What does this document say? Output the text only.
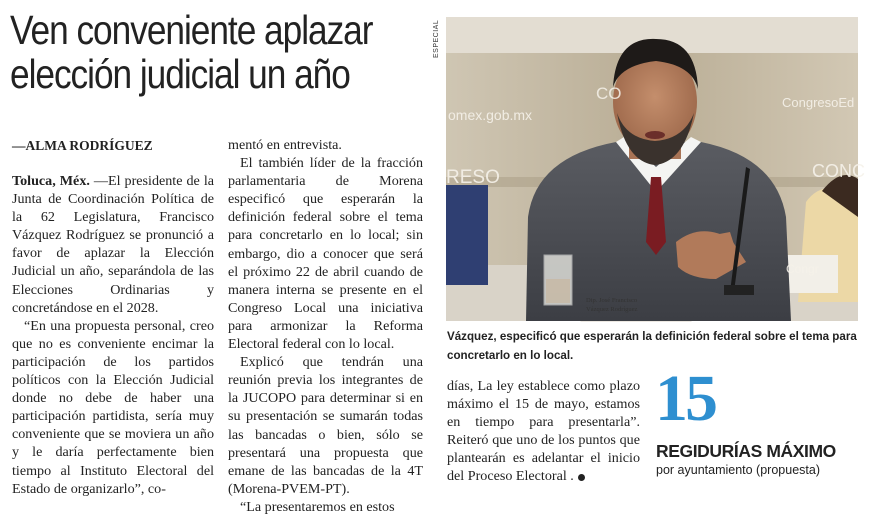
Ven conveniente aplazar
elección judicial un año
—ALMA RODRÍGUEZ

Toluca, Méx. —El presidente de la Junta de Coordinación Política de la 62 Legislatura, Francisco Vázquez Rodríguez se pronunció a favor de aplazar la Elección Judicial un año, separándola de las Elecciones Ordinarias y concretándose en el 2028.

“En una propuesta personal, creo que no es conveniente encimar la participación de los partidos políticos con la Elección Judicial donde no debe de haber una participación partidista, sería muy conveniente que se moviera un año y le daría perfectamente bien tiempo al Instituto Electoral del Estado de organizarlo”, co-

mentó en entrevista.

El también líder de la fracción parlamentaria de Morena especificó que esperarán la definición federal sobre el tema para concretarlo en lo local; sin embargo, dio a conocer que será el próximo 22 de abril cuando de manera interna se presente en el Congreso Local una iniciativa para armonizar la Reforma Electoral federal con lo local.

Explicó que tendrán una reunión previa los integrantes de la JUCOPO para determinar si en su presentación se sumarán todas las bancadas o bien, sólo se presentará una propuesta que emane de las bancadas de la 4T (Morena-PVEM-PT).

“La presentaremos en estos

días, La ley establece como plazo máximo el 15 de mayo, estamos en tiempo para presentarla”. Reiteró que uno de los puntos que plantearán es adelantar el inicio del Proceso Electoral .

ESPECIAL
omex.gob.mx
CongresoEd
CO
RESO	CONC
Congr
Dip. José Francisco
Vázquez Rodríguez
Vázquez, especificó que esperarán la definición federal sobre el tema para concretarlo en lo local.
15
REGIDURÍAS MÁXIMO
por ayuntamiento (propuesta)
